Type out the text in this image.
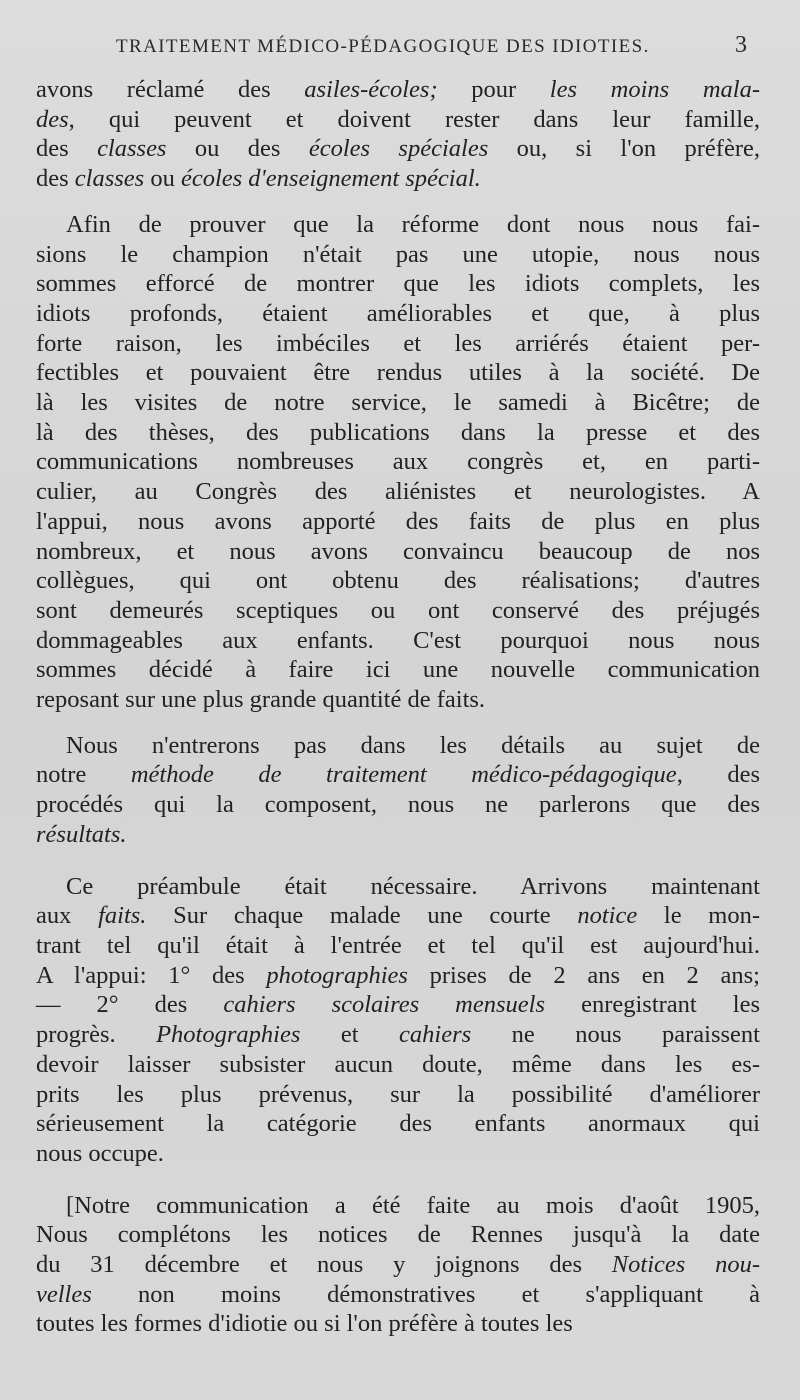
TRAITEMENT MÉDICO-PÉDAGOGIQUE DES IDIOTIES.	3
avons réclamé des asiles-écoles; pour les moins mala-
des, qui peuvent et doivent rester dans leur famille,
des classes ou des écoles spéciales ou, si l'on préfère,
des classes ou écoles d'enseignement spécial.
Afin de prouver que la réforme dont nous nous fai-
sions le champion n'était pas une utopie, nous nous
sommes efforcé de montrer que les idiots complets, les
idiots profonds, étaient améliorables et que, à plus
forte raison, les imbéciles et les arriérés étaient per-
fectibles et pouvaient être rendus utiles à la société. De
là les visites de notre service, le samedi à Bicêtre; de
là des thèses, des publications dans la presse et des
communications nombreuses aux congrès et, en parti-
culier, au Congrès des aliénistes et neurologistes. A
l'appui, nous avons apporté des faits de plus en plus
nombreux, et nous avons convaincu beaucoup de nos
collègues, qui ont obtenu des réalisations; d'autres
sont demeurés sceptiques ou ont conservé des préjugés
dommageables aux enfants. C'est pourquoi nous nous
sommes décidé à faire ici une nouvelle communication
reposant sur une plus grande quantité de faits.
Nous n'entrerons pas dans les détails au sujet de
notre méthode de traitement médico-pédagogique, des
procédés qui la composent, nous ne parlerons que des
résultats.
Ce préambule était nécessaire. Arrivons maintenant
aux faits. Sur chaque malade une courte notice le mon-
trant tel qu'il était à l'entrée et tel qu'il est aujourd'hui.
A l'appui: 1° des photographies prises de 2 ans en 2 ans;
— 2° des cahiers scolaires mensuels enregistrant les
progrès. Photographies et cahiers ne nous paraissent
devoir laisser subsister aucun doute, même dans les es-
prits les plus prévenus, sur la possibilité d'améliorer
sérieusement la catégorie des enfants anormaux qui
nous occupe.
[Notre communication a été faite au mois d'août 1905,
Nous complétons les notices de Rennes jusqu'à la date
du 31 décembre et nous y joignons des Notices nou-
velles non moins démonstratives et s'appliquant à
toutes les formes d'idiotie ou si l'on préfère à toutes les
